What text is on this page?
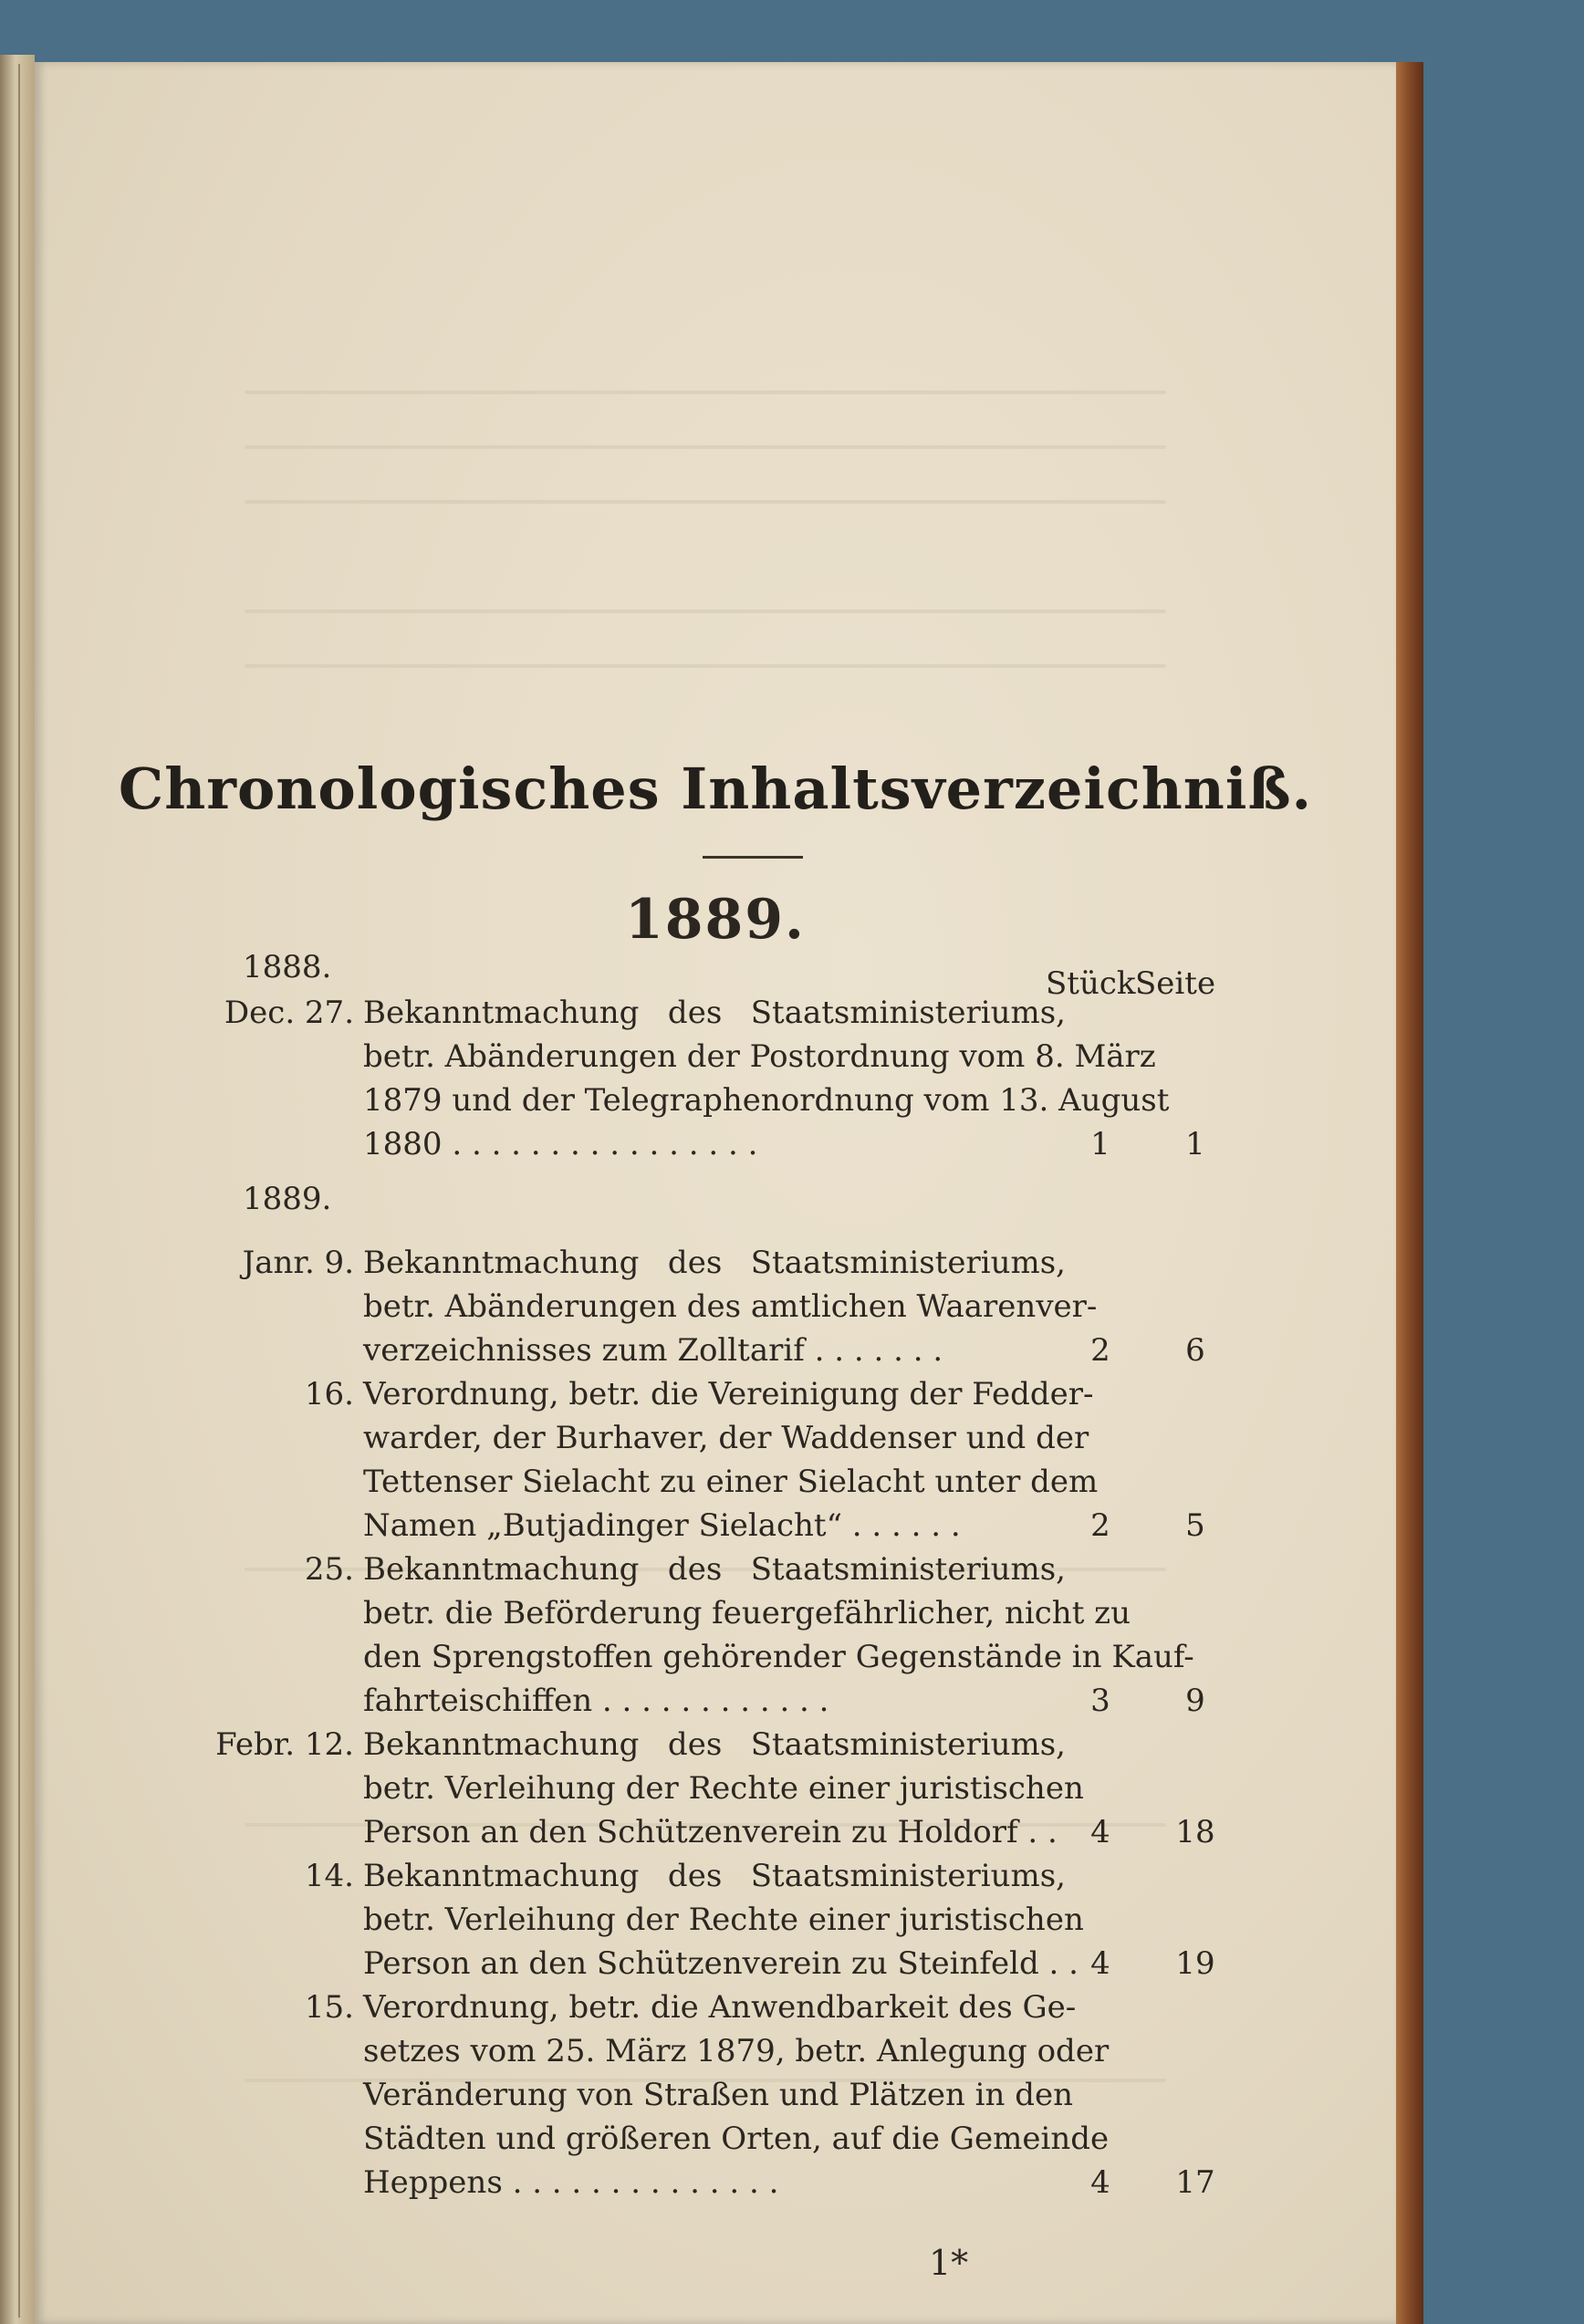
Chronologisches Inhaltsverzeichniß.
1889.
1888.	Stück Seite
Dec. 27. Bekanntmachung des Staatsministeriums,
betr. Abänderungen der Postordnung vom 8. März
1879 und der Telegraphenordnung vom 13. August
1880 . . . . . . . . . . . . . . . .	1	1
1889.
Janr. 9. Bekanntmachung des Staatsministeriums,
betr. Abänderungen des amtlichen Waarenver-
verzeichnisses zum Zolltarif . . . . . . .	2	6
16. Verordnung, betr. die Vereinigung der Fedder-
warder, der Burhaver, der Waddenser und der
Tettenser Sielacht zu einer Sielacht unter dem
Namen „Butjadinger Sielacht“ . . . . . .	2	5
25. Bekanntmachung des Staatsministeriums,
betr. die Beförderung feuergefährlicher, nicht zu
den Sprengstoffen gehörender Gegenstände in Kauf-
fahrteischiffen . . . . . . . . . . . .	3	9
Febr. 12. Bekanntmachung des Staatsministeriums,
betr. Verleihung der Rechte einer juristischen
Person an den Schützenverein zu Holdorf . .	4	18
14. Bekanntmachung des Staatsministeriums,
betr. Verleihung der Rechte einer juristischen
Person an den Schützenverein zu Steinfeld . . 4	19
15. Verordnung, betr. die Anwendbarkeit des Ge-
setzes vom 25. März 1879, betr. Anlegung oder
Veränderung von Straßen und Plätzen in den
Städten und größeren Orten, auf die Gemeinde
Heppens . . . . . . . . . . . . . .	4	17
1*
